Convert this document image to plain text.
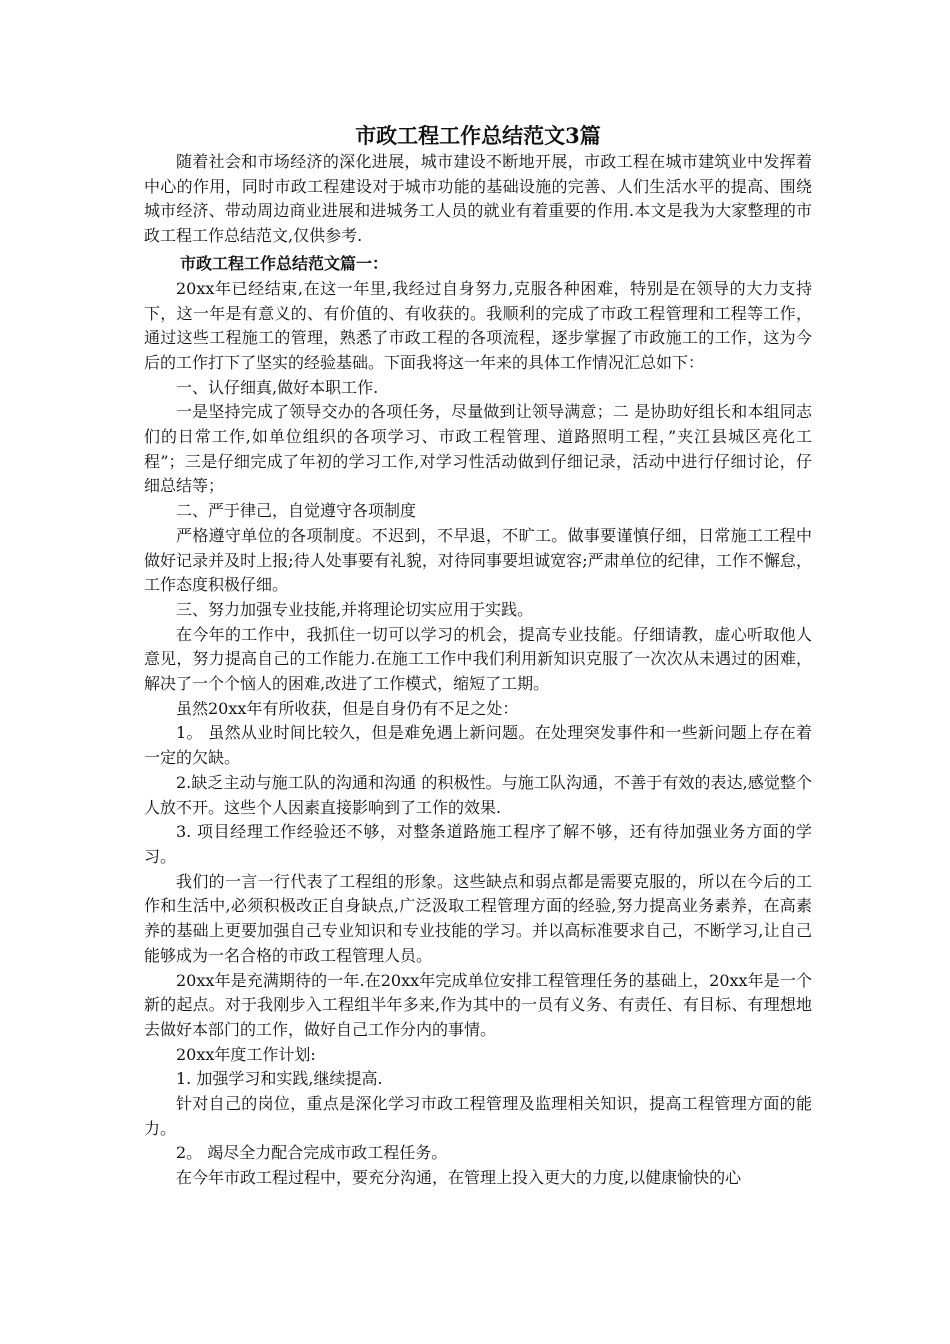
市政工程工作总结范文3篇

随着社会和市场经济的深化进展，城市建设不断地开展，市政工程在城市建筑业中发挥着中心的作用，同时市政工程建设对于城市功能的基础设施的完善、人们生活水平的提高、围绕城市经济、带动周边商业进展和进城务工人员的就业有着重要的作用.本文是我为大家整理的市政工程工作总结范文,仅供参考.

市政工程工作总结范文篇一：

20xx年已经结束,在这一年里,我经过自身努力,克服各种困难，特别是在领导的大力支持下，这一年是有意义的、有价值的、有收获的。我顺利的完成了市政工程管理和工程等工作，通过这些工程施工的管理，熟悉了市政工程的各项流程，逐步掌握了市政施工的工作，这为今后的工作打下了坚实的经验基础。下面我将这一年来的具体工作情况汇总如下：

一、认仔细真,做好本职工作.

一是坚持完成了领导交办的各项任务，尽量做到让领导满意；二 是协助好组长和本组同志们的日常工作,如单位组织的各项学习、市政工程管理、道路照明工程，”夹江县城区亮化工程”；三是仔细完成了年初的学习工作,对学习性活动做到仔细记录，活动中进行仔细讨论，仔细总结等；

二、严于律己，自觉遵守各项制度

严格遵守单位的各项制度。不迟到，不早退，不旷工。做事要谨慎仔细，日常施工工程中做好记录并及时上报;待人处事要有礼貌，对待同事要坦诚宽容;严肃单位的纪律，工作不懈怠，工作态度积极仔细。

三、努力加强专业技能,并将理论切实应用于实践。

在今年的工作中，我抓住一切可以学习的机会，提高专业技能。仔细请教，虚心听取他人意见，努力提高自己的工作能力.在施工工作中我们利用新知识克服了一次次从未遇过的困难，解决了一个个恼人的困难,改进了工作模式，缩短了工期。

虽然20xx年有所收获，但是自身仍有不足之处：

1。 虽然从业时间比较久，但是难免遇上新问题。在处理突发事件和一些新问题上存在着一定的欠缺。

2.缺乏主动与施工队的沟通和沟通 的积极性。与施工队沟通，不善于有效的表达,感觉整个人放不开。这些个人因素直接影响到了工作的效果.

3. 项目经理工作经验还不够，对整条道路施工程序了解不够，还有待加强业务方面的学习。

我们的一言一行代表了工程组的形象。这些缺点和弱点都是需要克服的，所以在今后的工作和生活中,必须积极改正自身缺点,广泛汲取工程管理方面的经验,努力提高业务素养，在高素养的基础上更要加强自己专业知识和专业技能的学习。并以高标准要求自己，不断学习,让自己能够成为一名合格的市政工程管理人员。

20xx年是充满期待的一年.在20xx年完成单位安排工程管理任务的基础上，20xx年是一个新的起点。对于我刚步入工程组半年多来,作为其中的一员有义务、有责任、有目标、有理想地去做好本部门的工作，做好自己工作分内的事情。

20xx年度工作计划:

1. 加强学习和实践,继续提高.

针对自己的岗位，重点是深化学习市政工程管理及监理相关知识，提高工程管理方面的能力。

2。 竭尽全力配合完成市政工程任务。

在今年市政工程过程中，要充分沟通，在管理上投入更大的力度,以健康愉快的心
